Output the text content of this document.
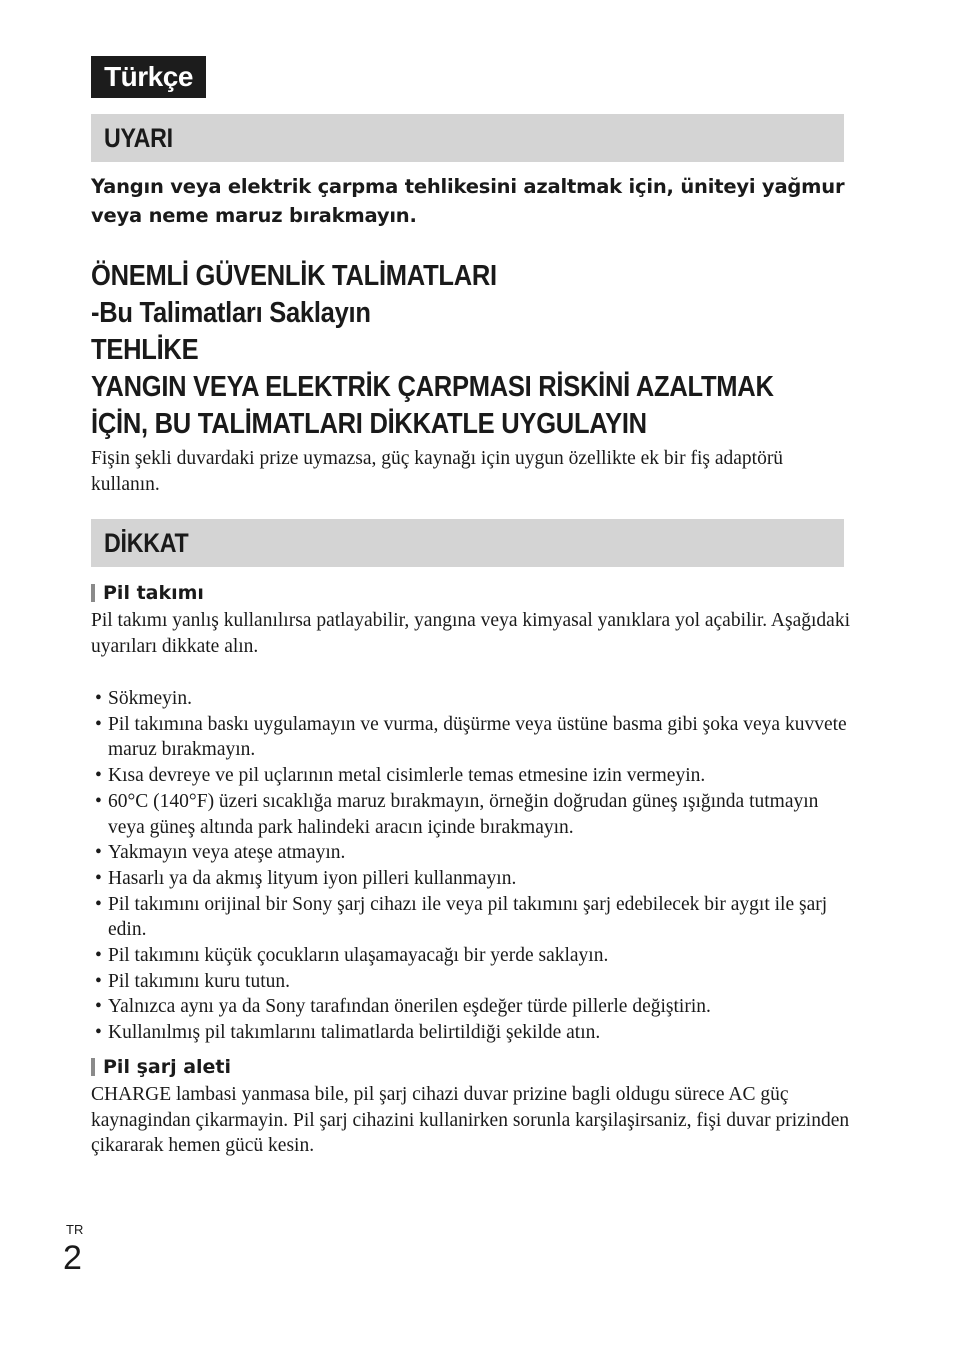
Türkçe
UYARI
Yangın veya elektrik çarpma tehlikesini azaltmak için, üniteyi yağmur veya neme maruz bırakmayın.
ÖNEMLİ GÜVENLİK TALİMATLARI
-Bu Talimatları Saklayın
TEHLİKE
YANGIN VEYA ELEKTRİK ÇARPMASI RİSKİNİ AZALTMAK
İÇİN, BU TALİMATLARI DİKKATLE UYGULAYIN
Fişin şekli duvardaki prize uymazsa, güç kaynağı için uygun özellikte ek bir fiş adaptörü kullanın.
DİKKAT
Pil takımı
Pil takımı yanlış kullanılırsa patlayabilir, yangına veya kimyasal yanıklara yol açabilir. Aşağıdaki uyarıları dikkate alın.
• Sökmeyin.
• Pil takımına baskı uygulamayın ve vurma, düşürme veya üstüne basma gibi şoka veya kuvvete maruz bırakmayın.
• Kısa devreye ve pil uçlarının metal cisimlerle temas etmesine izin vermeyin.
• 60°C (140°F) üzeri sıcaklığa maruz bırakmayın, örneğin doğrudan güneş ışığında tutmayın veya güneş altında park halindeki aracın içinde bırakmayın.
• Yakmayın veya ateşe atmayın.
• Hasarlı ya da akmış lityum iyon pilleri kullanmayın.
• Pil takımını orijinal bir Sony şarj cihazı ile veya pil takımını şarj edebilecek bir aygıt ile şarj edin.
• Pil takımını küçük çocukların ulaşamayacağı bir yerde saklayın.
• Pil takımını kuru tutun.
• Yalnızca aynı ya da Sony tarafından önerilen eşdeğer türde pillerle değiştirin.
• Kullanılmış pil takımlarını talimatlarda belirtildiği şekilde atın.
Pil şarj aleti
CHARGE lambasi yanmasa bile, pil şarj cihazi duvar prizine bagli oldugu sürece AC güç kaynagindan çikarmayin. Pil şarj cihazini kullanirken sorunla karşilaşirsaniz, fişi duvar prizinden çikararak hemen gücü kesin.
TR
2
